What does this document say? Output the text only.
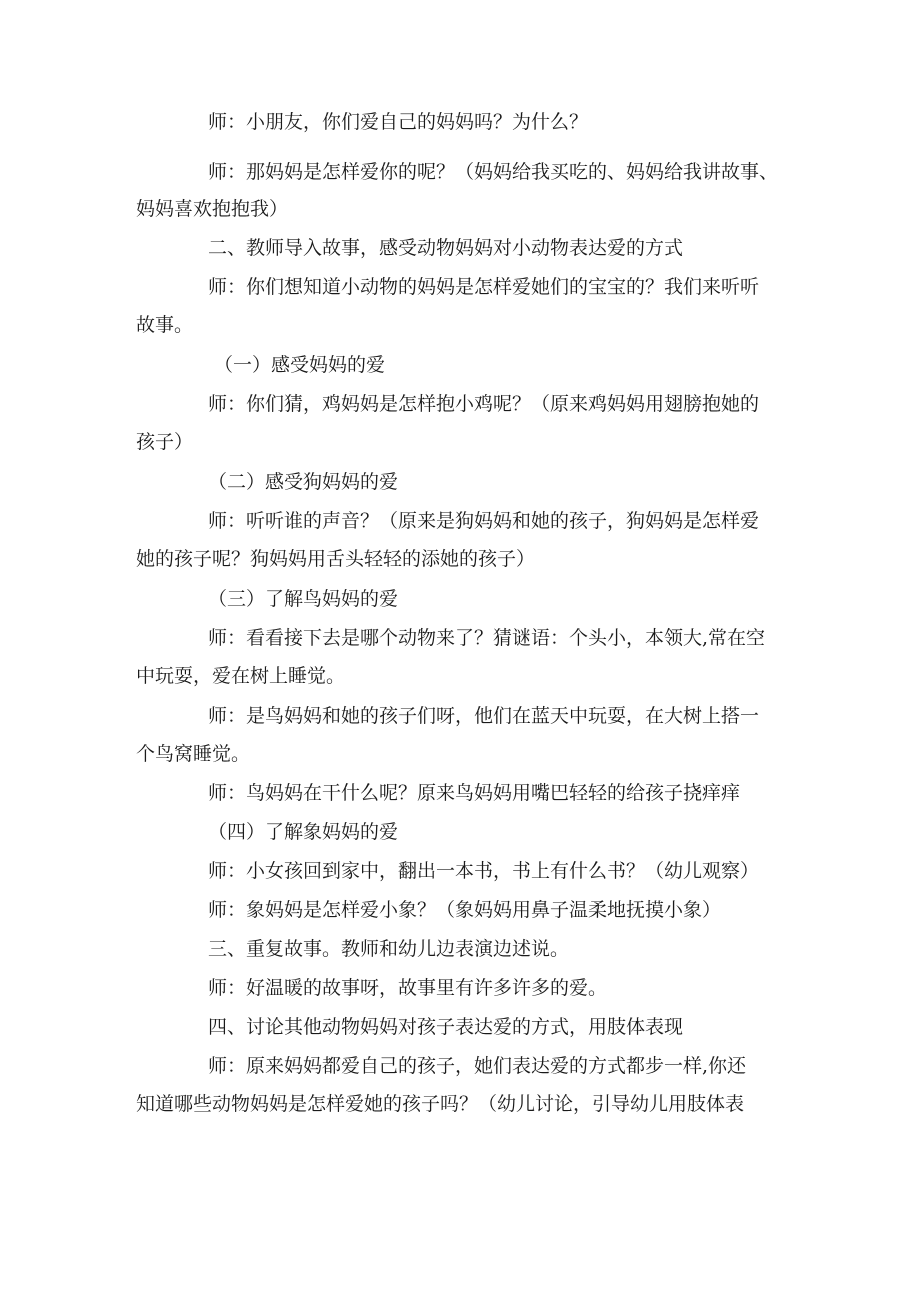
师：小朋友，你们爱自己的妈妈吗？为什么？

师：那妈妈是怎样爱你的呢？（妈妈给我买吃的、妈妈给我讲故事、

妈妈喜欢抱抱我）

二、教师导入故事，感受动物妈妈对小动物表达爱的方式

师：你们想知道小动物的妈妈是怎样爱她们的宝宝的？我们来听听

故事。

（一）感受妈妈的爱

师：你们猜，鸡妈妈是怎样抱小鸡呢？（原来鸡妈妈用翅膀抱她的

孩子）

（二）感受狗妈妈的爱

师：听听谁的声音？（原来是狗妈妈和她的孩子，狗妈妈是怎样爱

她的孩子呢？狗妈妈用舌头轻轻的添她的孩子）

（三）了解鸟妈妈的爱

师：看看接下去是哪个动物来了？猜谜语：个头小，本领大,常在空

中玩耍，爱在树上睡觉。

师：是鸟妈妈和她的孩子们呀，他们在蓝天中玩耍，在大树上搭一

个鸟窝睡觉。

师：鸟妈妈在干什么呢？原来鸟妈妈用嘴巴轻轻的给孩子挠痒痒

（四）了解象妈妈的爱

师：小女孩回到家中，翻出一本书，书上有什么书？（幼儿观察）

师：象妈妈是怎样爱小象？（象妈妈用鼻子温柔地抚摸小象）

三、重复故事。教师和幼儿边表演边述说。

师：好温暖的故事呀，故事里有许多许多的爱。

四、讨论其他动物妈妈对孩子表达爱的方式，用肢体表现

师：原来妈妈都爱自己的孩子，她们表达爱的方式都步一样,你还

知道哪些动物妈妈是怎样爱她的孩子吗？（幼儿讨论，引导幼儿用肢体表
